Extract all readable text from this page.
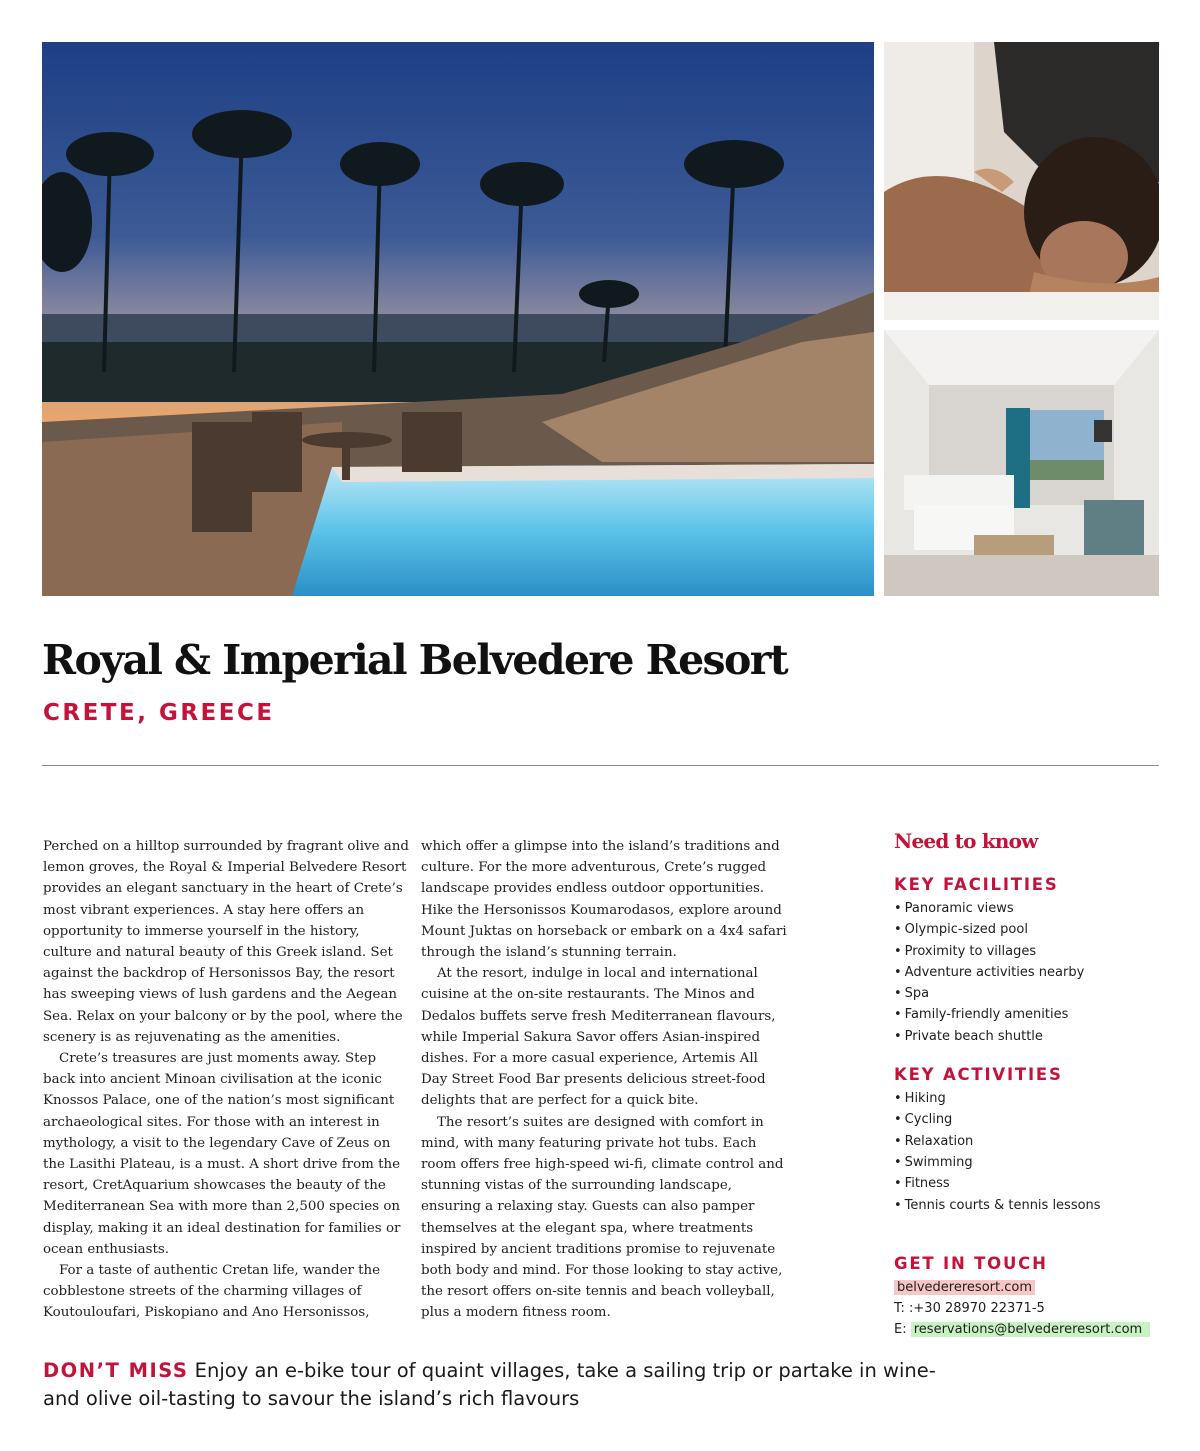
Royal & Imperial Belvedere Resort
CRETE, GREECE

Perched on a hilltop surrounded by fragrant olive and lemon groves, the Royal & Imperial Belvedere Resort provides an elegant sanctuary in the heart of Crete’s most vibrant experiences. A stay here offers an opportunity to immerse yourself in the history, culture and natural beauty of this Greek island. Set against the backdrop of Hersonissos Bay, the resort has sweeping views of lush gardens and the Aegean Sea. Relax on your balcony or by the pool, where the scenery is as rejuvenating as the amenities.

Crete’s treasures are just moments away. Step back into ancient Minoan civilisation at the iconic Knossos Palace, one of the nation’s most significant archaeological sites. For those with an interest in mythology, a visit to the legendary Cave of Zeus on the Lasithi Plateau, is a must. A short drive from the resort, CretAquarium showcases the beauty of the Mediterranean Sea with more than 2,500 species on display, making it an ideal destination for families or ocean enthusiasts.

For a taste of authentic Cretan life, wander the cobblestone streets of the charming villages of Koutouloufari, Piskopiano and Ano Hersonissos,

which offer a glimpse into the island’s traditions and culture. For the more adventurous, Crete’s rugged landscape provides endless outdoor opportunities. Hike the Hersonissos Koumarodasos, explore around Mount Juktas on horseback or embark on a 4x4 safari through the island’s stunning terrain.

At the resort, indulge in local and international cuisine at the on-site restaurants. The Minos and Dedalos buffets serve fresh Mediterranean flavours, while Imperial Sakura Savor offers Asian-inspired dishes. For a more casual experience, Artemis All Day Street Food Bar presents delicious street-food delights that are perfect for a quick bite.

The resort’s suites are designed with comfort in mind, with many featuring private hot tubs. Each room offers free high-speed wi-fi, climate control and stunning vistas of the surrounding landscape, ensuring a relaxing stay. Guests can also pamper themselves at the elegant spa, where treatments inspired by ancient traditions promise to rejuvenate both body and mind. For those looking to stay active, the resort offers on-site tennis and beach volleyball, plus a modern fitness room.

Need to know
KEY FACILITIES
• Panoramic views
• Olympic-sized pool
• Proximity to villages
• Adventure activities nearby
• Spa
• Family-friendly amenities
• Private beach shuttle
KEY ACTIVITIES
• Hiking
• Cycling
• Relaxation
• Swimming
• Fitness
• Tennis courts & tennis lessons
GET IN TOUCH
belvedereresort.com
T: :+30 28970 22371-5
E: reservations@belvedereresort.com

DON’T MISS Enjoy an e-bike tour of quaint villages, take a sailing trip or partake in wine- and olive oil-tasting to savour the island’s rich flavours
